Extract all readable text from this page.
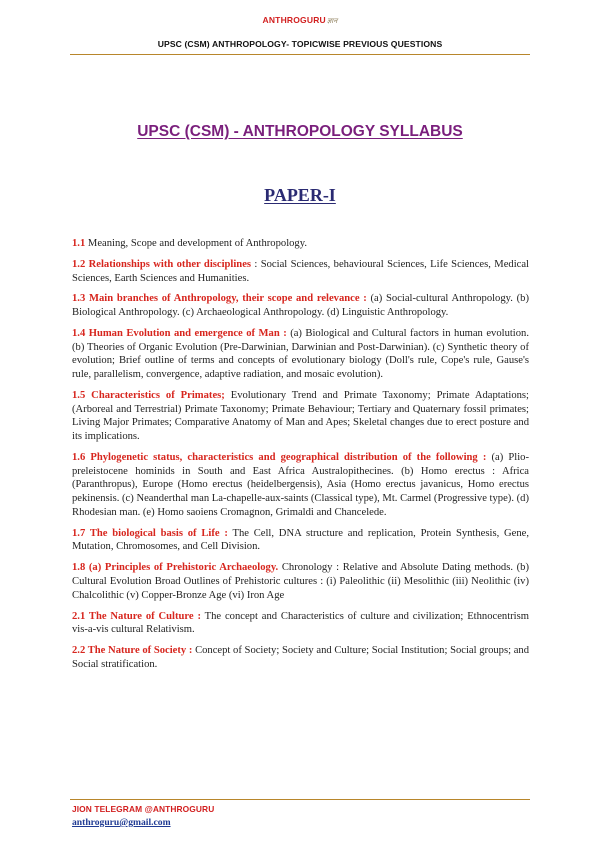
ANTHROGURUज्ञान
UPSC (CSM) ANTHROPOLOGY- TOPICWISE PREVIOUS QUESTIONS
UPSC (CSM) - ANTHROPOLOGY SYLLABUS
PAPER-I

1.1 Meaning, Scope and development of Anthropology.

1.2 Relationships with other disciplines : Social Sciences, behavioural Sciences, Life Sciences, Medical Sciences, Earth Sciences and Humanities.

1.3 Main branches of Anthropology, their scope and relevance : (a) Social-cultural Anthropology. (b) Biological Anthropology. (c) Archaeological Anthropology. (d) Linguistic Anthropology.

1.4 Human Evolution and emergence of Man : (a) Biological and Cultural factors in human evolution. (b) Theories of Organic Evolution (Pre-Darwinian, Darwinian and Post-Darwinian). (c) Synthetic theory of evolution; Brief outline of terms and concepts of evolutionary biology (Doll's rule, Cope's rule, Gause's rule, parallelism, convergence, adaptive radiation, and mosaic evolution).

1.5 Characteristics of Primates; Evolutionary Trend and Primate Taxonomy; Primate Adaptations; (Arboreal and Terrestrial) Primate Taxonomy; Primate Behaviour; Tertiary and Quaternary fossil primates; Living Major Primates; Comparative Anatomy of Man and Apes; Skeletal changes due to erect posture and its implications.

1.6 Phylogenetic status, characteristics and geographical distribution of the following : (a) Plio-preleistocene hominids in South and East Africa Australopithecines. (b) Homo erectus : Africa (Paranthropus), Europe (Homo erectus (heidelbergensis), Asia (Homo erectus javanicus, Homo erectus pekinensis. (c) Neanderthal man La-chapelle-aux-saints (Classical type), Mt. Carmel (Progressive type). (d) Rhodesian man. (e) Homo saoiens Cromagnon, Grimaldi and Chancelede.

1.7 The biological basis of Life : The Cell, DNA structure and replication, Protein Synthesis, Gene, Mutation, Chromosomes, and Cell Division.

1.8 (a) Principles of Prehistoric Archaeology. Chronology : Relative and Absolute Dating methods. (b) Cultural Evolution Broad Outlines of Prehistoric cultures : (i) Paleolithic (ii) Mesolithic (iii) Neolithic (iv) Chalcolithic (v) Copper-Bronze Age (vi) Iron Age

2.1 The Nature of Culture : The concept and Characteristics of culture and civilization; Ethnocentrism vis-a-vis cultural Relativism.

2.2 The Nature of Society : Concept of Society; Society and Culture; Social Institution; Social groups; and Social stratification.

JION TELEGRAM @ANTHROGURU
anthroguru@gmail.com
